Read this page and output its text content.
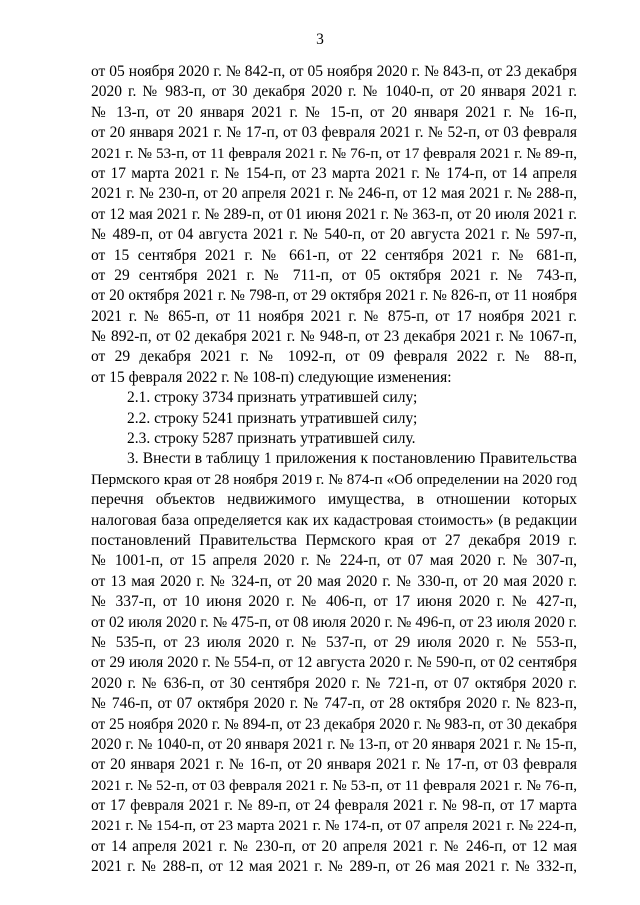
3
от 05 ноября 2020 г. № 842-п, от 05 ноября 2020 г. № 843-п, от 23 декабря
2020 г. № 983-п, от 30 декабря 2020 г. № 1040-п, от 20 января 2021 г.
№ 13-п, от 20 января 2021 г. № 15-п, от 20 января 2021 г. № 16-п,
от 20 января 2021 г. № 17-п, от 03 февраля 2021 г. № 52-п, от 03 февраля
2021 г. № 53-п, от 11 февраля 2021 г. № 76-п, от 17 февраля 2021 г. № 89-п,
от 17 марта 2021 г. № 154-п, от 23 марта 2021 г. № 174-п, от 14 апреля
2021 г. № 230-п, от 20 апреля 2021 г. № 246-п, от 12 мая 2021 г. № 288-п,
от 12 мая 2021 г. № 289-п, от 01 июня 2021 г. № 363-п, от 20 июля 2021 г.
№ 489-п, от 04 августа 2021 г. № 540-п, от 20 августа 2021 г. № 597-п,
от 15 сентября 2021 г. № 661-п, от 22 сентября 2021 г. № 681-п,
от 29 сентября 2021 г. № 711-п, от 05 октября 2021 г. № 743-п,
от 20 октября 2021 г. № 798-п, от 29 октября 2021 г. № 826-п, от 11 ноября
2021 г. № 865-п, от 11 ноября 2021 г. № 875-п, от 17 ноября 2021 г.
№ 892-п, от 02 декабря 2021 г. № 948-п, от 23 декабря 2021 г. № 1067-п,
от 29 декабря 2021 г. № 1092-п, от 09 февраля 2022 г. № 88-п,
от 15 февраля 2022 г. № 108-п) следующие изменения:
2.1. строку 3734 признать утратившей силу;
2.2. строку 5241 признать утратившей силу;
2.3. строку 5287 признать утратившей силу.
3. Внести в таблицу 1 приложения к постановлению Правительства
Пермского края от 28 ноября 2019 г. № 874-п «Об определении на 2020 год
перечня объектов недвижимого имущества, в отношении которых
налоговая база определяется как их кадастровая стоимость» (в редакции
постановлений Правительства Пермского края от 27 декабря 2019 г.
№ 1001-п, от 15 апреля 2020 г. № 224-п, от 07 мая 2020 г. № 307-п,
от 13 мая 2020 г. № 324-п, от 20 мая 2020 г. № 330-п, от 20 мая 2020 г.
№ 337-п, от 10 июня 2020 г. № 406-п, от 17 июня 2020 г. № 427-п,
от 02 июля 2020 г. № 475-п, от 08 июля 2020 г. № 496-п, от 23 июля 2020 г.
№ 535-п, от 23 июля 2020 г. № 537-п, от 29 июля 2020 г. № 553-п,
от 29 июля 2020 г. № 554-п, от 12 августа 2020 г. № 590-п, от 02 сентября
2020 г. № 636-п, от 30 сентября 2020 г. № 721-п, от 07 октября 2020 г.
№ 746-п, от 07 октября 2020 г. № 747-п, от 28 октября 2020 г. № 823-п,
от 25 ноября 2020 г. № 894-п, от 23 декабря 2020 г. № 983-п, от 30 декабря
2020 г. № 1040-п, от 20 января 2021 г. № 13-п, от 20 января 2021 г. № 15-п,
от 20 января 2021 г. № 16-п, от 20 января 2021 г. № 17-п, от 03 февраля
2021 г. № 52-п, от 03 февраля 2021 г. № 53-п, от 11 февраля 2021 г. № 76-п,
от 17 февраля 2021 г. № 89-п, от 24 февраля 2021 г. № 98-п, от 17 марта
2021 г. № 154-п, от 23 марта 2021 г. № 174-п, от 07 апреля 2021 г. № 224-п,
от 14 апреля 2021 г. № 230-п, от 20 апреля 2021 г. № 246-п, от 12 мая
2021 г. № 288-п, от 12 мая 2021 г. № 289-п, от 26 мая 2021 г. № 332-п,
